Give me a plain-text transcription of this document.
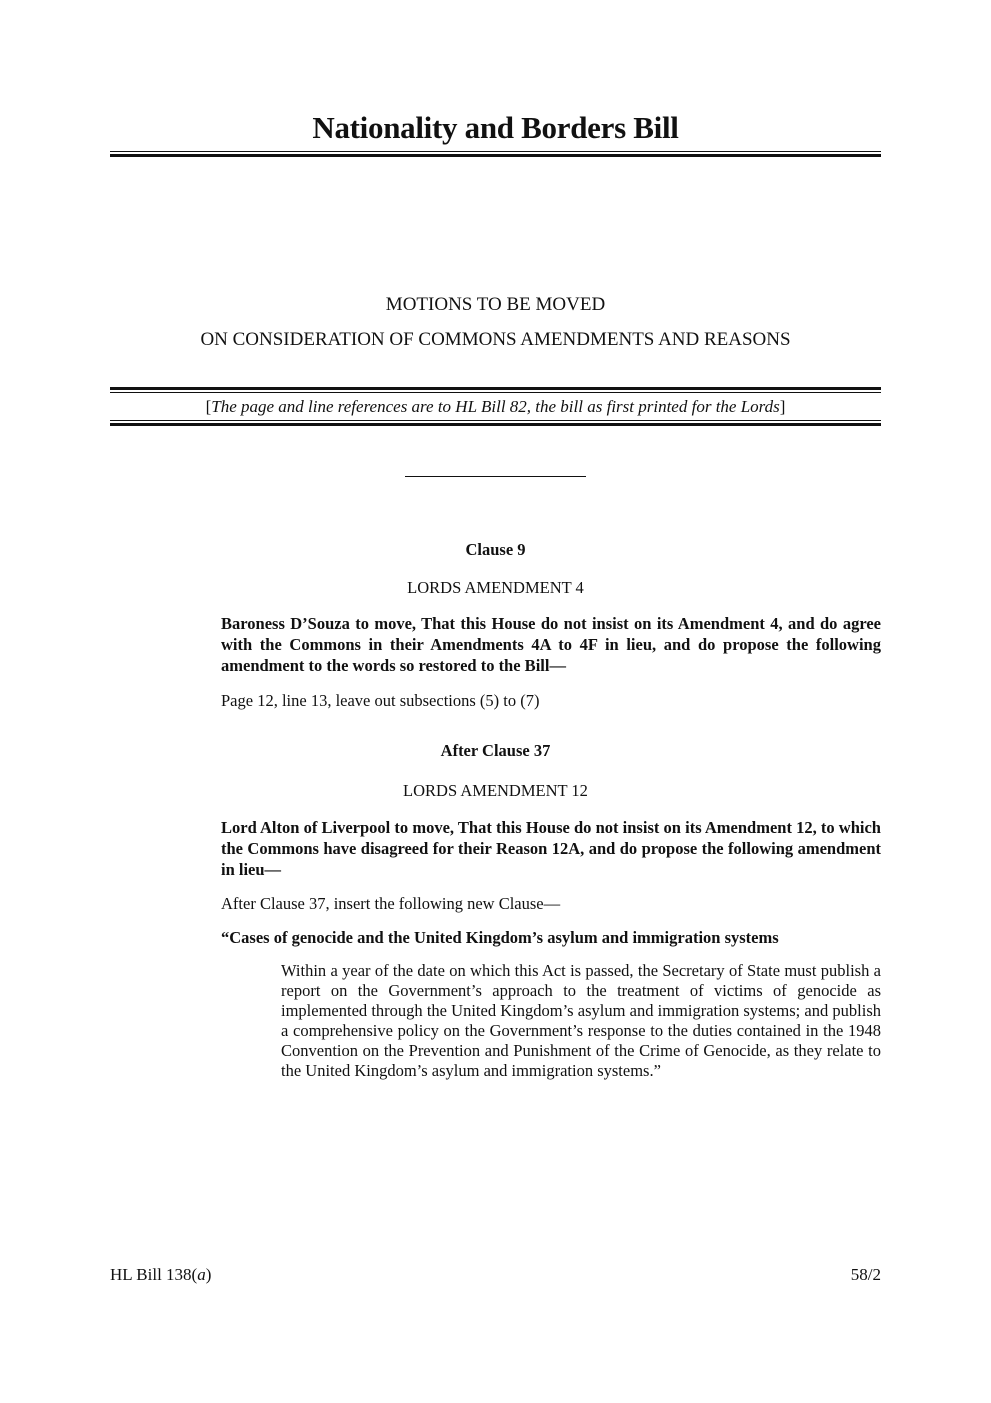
Nationality and Borders Bill
MOTIONS TO BE MOVED
ON CONSIDERATION OF COMMONS AMENDMENTS AND REASONS
[The page and line references are to HL Bill 82, the bill as first printed for the Lords]
Clause 9
LORDS AMENDMENT 4
Baroness D’Souza to move, That this House do not insist on its Amendment 4, and do agree with the Commons in their Amendments 4A to 4F in lieu, and do propose the following amendment to the words so restored to the Bill—
Page 12, line 13, leave out subsections (5) to (7)
After Clause 37
LORDS AMENDMENT 12
Lord Alton of Liverpool to move, That this House do not insist on its Amendment 12, to which the Commons have disagreed for their Reason 12A, and do propose the following amendment in lieu—
After Clause 37, insert the following new Clause—
“Cases of genocide and the United Kingdom’s asylum and immigration systems
Within a year of the date on which this Act is passed, the Secretary of State must publish a report on the Government’s approach to the treatment of victims of genocide as implemented through the United Kingdom’s asylum and immigration systems; and publish a comprehensive policy on the Government’s response to the duties contained in the 1948 Convention on the Prevention and Punishment of the Crime of Genocide, as they relate to the United Kingdom’s asylum and immigration systems.”
HL Bill 138(a)	58/2
